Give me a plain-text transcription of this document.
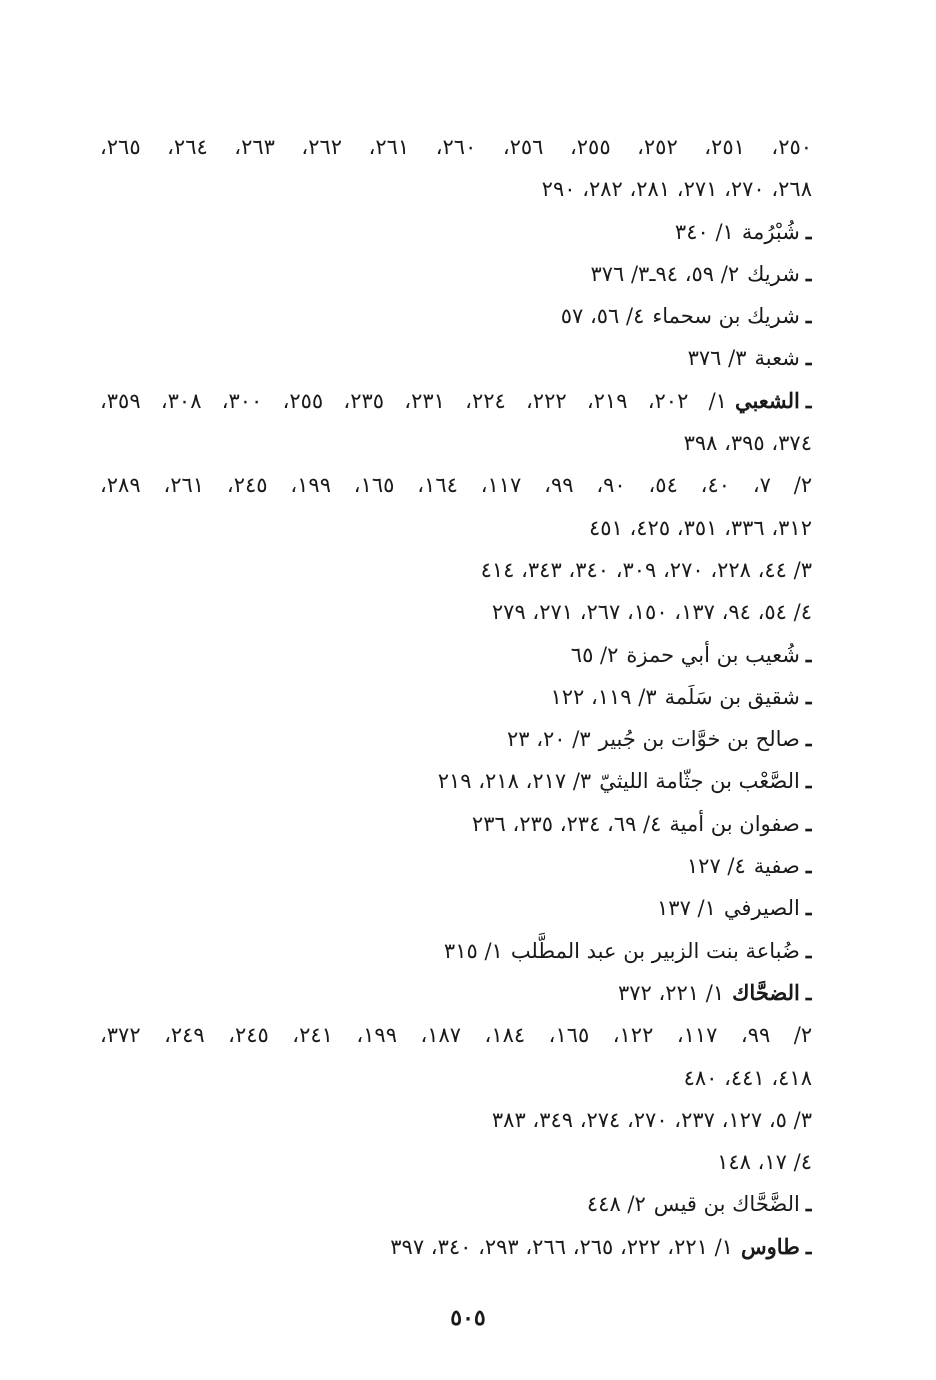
٢٥٠، ٢٥١، ٢٥٢، ٢٥٥، ٢٥٦، ٢٦٠، ٢٦١، ٢٦٢، ٢٦٣، ٢٦٤، ٢٦٥،
٢٦٨، ٢٧٠، ٢٧١، ٢٨١، ٢٨٢، ٢٩٠
ـشُبْرُمة١/ ٣٤٠
ـشريك٢/ ٥٩، ٩٤ـ٣/ ٣٧٦
ـشريك بن سحماء٤/ ٥٦، ٥٧
ـشعبة٣/ ٣٧٦
ـالشعبي١/ ٢٠٢، ٢١٩، ٢٢٢، ٢٢٤، ٢٣١، ٢٣٥، ٢٥٥، ٣٠٠، ٣٠٨، ٣٥٩،
٣٧٤، ٣٩٥، ٣٩٨
٢/ ٧، ٤٠، ٥٤، ٩٠، ٩٩، ١١٧، ١٦٤، ١٦٥، ١٩٩، ٢٤٥، ٢٦١، ٢٨٩،
٣١٢، ٣٣٦، ٣٥١، ٤٢٥، ٤٥١
٣/ ٤٤، ٢٢٨، ٢٧٠، ٣٠٩، ٣٤٠، ٣٤٣، ٤١٤
٤/ ٥٤، ٩٤، ١٣٧، ١٥٠، ٢٦٧، ٢٧١، ٢٧٩
ـشُعيب بن أبي حمزة٢/ ٦٥
ـشقيق بن سَلَمة٣/ ١١٩، ١٢٢
ـصالح بن خوَّات بن جُبير٣/ ٢٠، ٢٣
ـالصَّعْب بن جثّامة الليثيّ٣/ ٢١٧، ٢١٨، ٢١٩
ـصفوان بن أمية٤/ ٦٩، ٢٣٤، ٢٣٥، ٢٣٦
ـصفية٤/ ١٢٧
ـالصيرفي١/ ١٣٧
ـضُباعة بنت الزبير بن عبد المطَّلب١/ ٣١٥
ـالضحَّاك١/ ٢٢١، ٣٧٢
٢/ ٩٩، ١١٧، ١٢٢، ١٦٥، ١٨٤، ١٨٧، ١٩٩، ٢٤١، ٢٤٥، ٢٤٩، ٣٧٢،
٤١٨، ٤٤١، ٤٨٠
٣/ ٥، ١٢٧، ٢٣٧، ٢٧٠، ٢٧٤، ٣٤٩، ٣٨٣
٤/ ١٧، ١٤٨
ـالضَّحَّاك بن قيس٢/ ٤٤٨
ـطاوس١/ ٢٢١، ٢٢٢، ٢٦٥، ٢٦٦، ٢٩٣، ٣٤٠، ٣٩٧
٥٠٥
